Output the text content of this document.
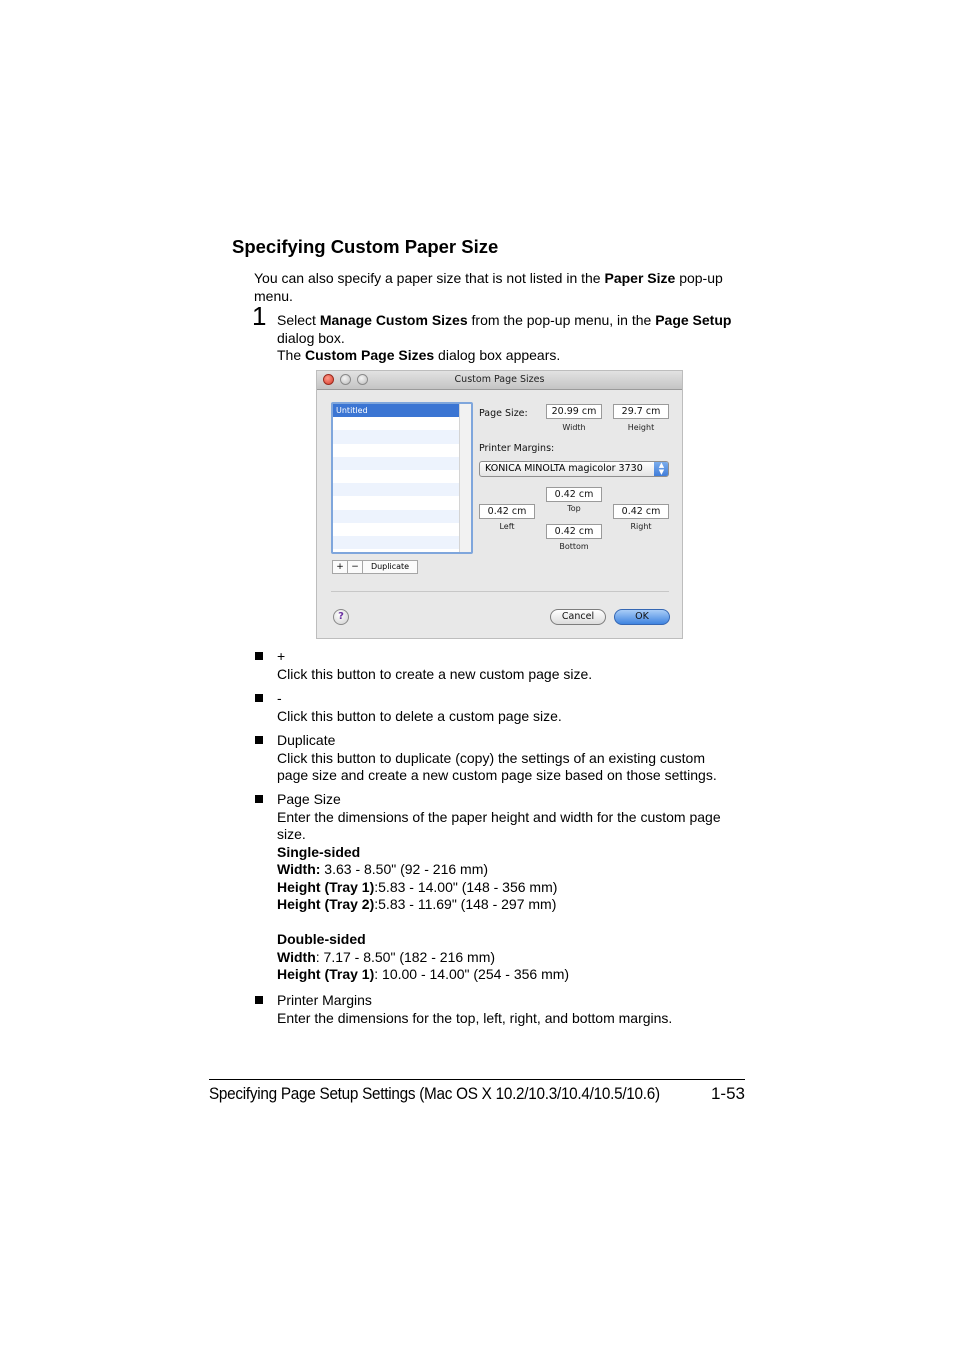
Specifying Custom Paper Size
You can also specify a paper size that is not listed in the Paper Size pop-up
menu.
1 Select Manage Custom Sizes from the pop-up menu, in the Page Setup
dialog box.
The Custom Page Sizes dialog box appears.
Custom Page Sizes
Untitled
+ −	Duplicate
Page Size:	20.99 cm
Width
29.7 cm
Height
Printer Margins:
KONICA MINOLTA magicolor 3730	▲
▼
0.42 cm
Top
0.42 cm
Left
0.42 cm
Right
0.42 cm
Bottom
?	Cancel	OK
+
Click this button to create a new custom page size.
-
Click this button to delete a custom page size.
Duplicate
Click this button to duplicate (copy) the settings of an existing custom
page size and create a new custom page size based on those settings.
Page Size
Enter the dimensions of the paper height and width for the custom page
size.
Single-sided
Width: 3.63 - 8.50" (92 - 216 mm)
Height (Tray 1):5.83 - 14.00" (148 - 356 mm)
Height (Tray 2):5.83 - 11.69" (148 - 297 mm)
Double-sided
Width: 7.17 - 8.50" (182 - 216 mm)
Height (Tray 1): 10.00 - 14.00" (254 - 356 mm)
Printer Margins
Enter the dimensions for the top, left, right, and bottom margins.
Specifying Page Setup Settings (Mac OS X 10.2/10.3/10.4/10.5/10.6)	1-53
